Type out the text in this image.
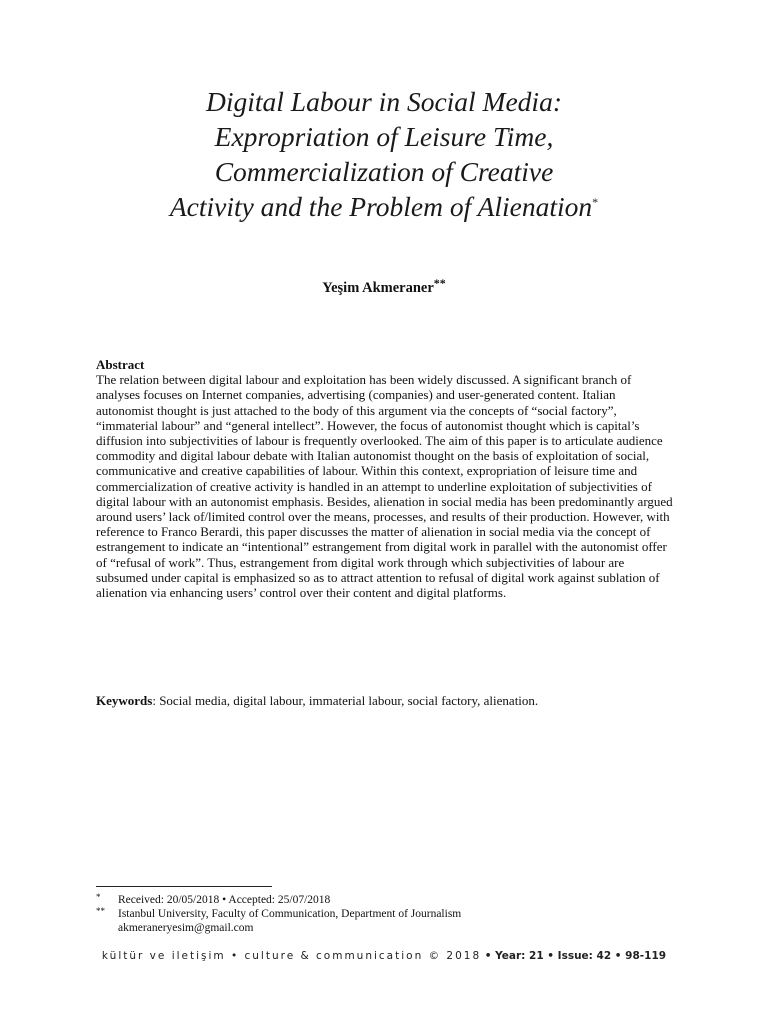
Digital Labour in Social Media:
Expropriation of Leisure Time,
Commercialization of Creative
Activity and the Problem of Alienation*
Yeşim Akmeraner**
Abstract
The relation between digital labour and exploitation has been widely discussed. A significant branch of analyses focuses on Internet companies, advertising (companies) and user-generated content. Italian autonomist thought is just attached to the body of this argument via the concepts of “social factory”, “immaterial labour” and “general intellect”. However, the focus of autonomist thought which is capital’s diffusion into subjectivities of labour is frequently overlooked. The aim of this paper is to articulate audience commodity and digital labour debate with Italian autonomist thought on the basis of exploitation of social, communicative and creative capabilities of labour. Within this context, expropriation of leisure time and commercialization of creative activity is handled in an attempt to underline exploitation of subjectivities of digital labour with an autonomist emphasis. Besides, alienation in social media has been predominantly argued around users’ lack of/limited control over the means, processes, and results of their production. However, with reference to Franco Berardi, this paper discusses the matter of alienation in social media via the concept of estrangement to indicate an “intentional” estrangement from digital work in parallel with the autonomist offer of “refusal of work”. Thus, estrangement from digital work through which subjectivities of labour are subsumed under capital is emphasized so as to attract attention to refusal of digital work against sublation of alienation via enhancing users’ control over their content and digital platforms.
Keywords: Social media, digital labour, immaterial labour, social factory, alienation.
*	Received: 20/05/2018 • Accepted: 25/07/2018
**	Istanbul University, Faculty of Communication, Department of Journalism
akmeraneryesim@gmail.com
kültür ve iletişim • culture & communication © 2018 • Year: 21 • Issue: 42 • 98-119
